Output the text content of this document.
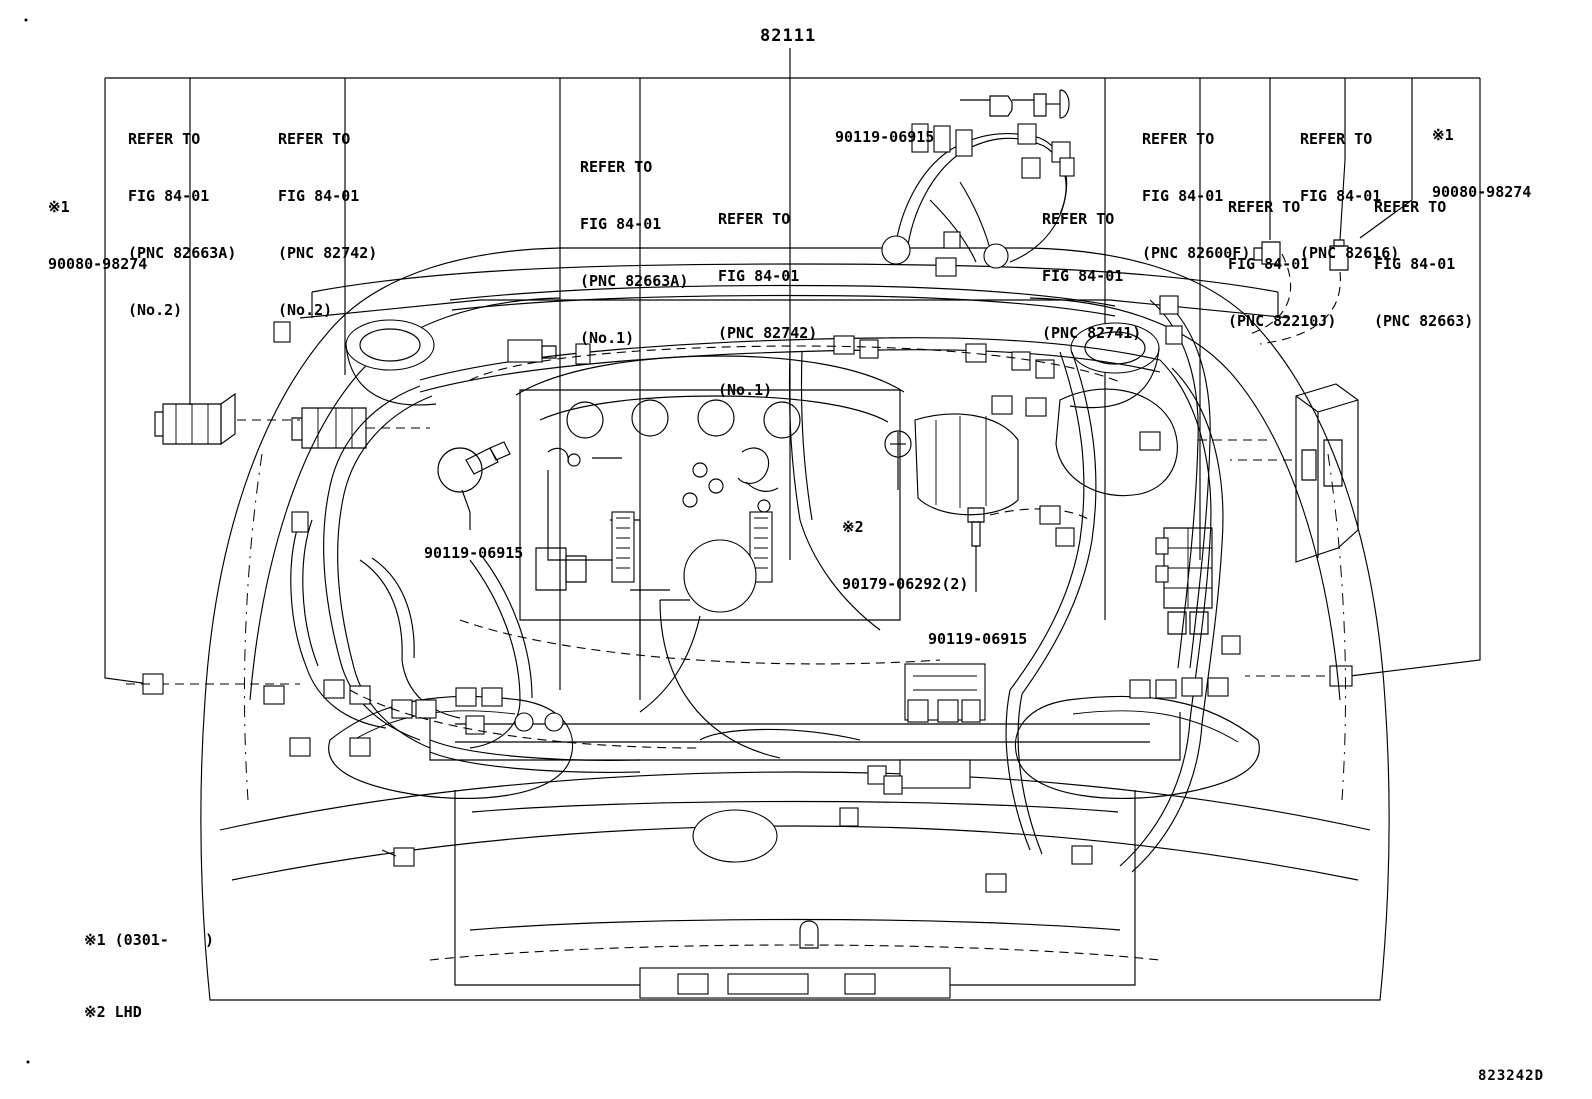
82111

※1

90080-98274

REFER TO

FIG 84-01

(PNC 82663A)

(No.2)

REFER TO

FIG 84-01

(PNC 82742)

(No.2)

REFER TO

FIG 84-01

(PNC 82663A)

(No.1)

REFER TO

FIG 84-01

(PNC 82742)

(No.1)

90119-06915

REFER TO

FIG 84-01

(PNC 82741)

REFER TO

FIG 84-01

(PNC 82600F)

REFER TO

FIG 84-01

(PNC 82616)

※1

90080-98274

REFER TO

FIG 84-01

(PNC 82210J)

REFER TO

FIG 84-01

(PNC 82663)

90119-06915

※2

90179-06292(2)

90119-06915

※1 (0301-    )

※2 LHD

823242D
